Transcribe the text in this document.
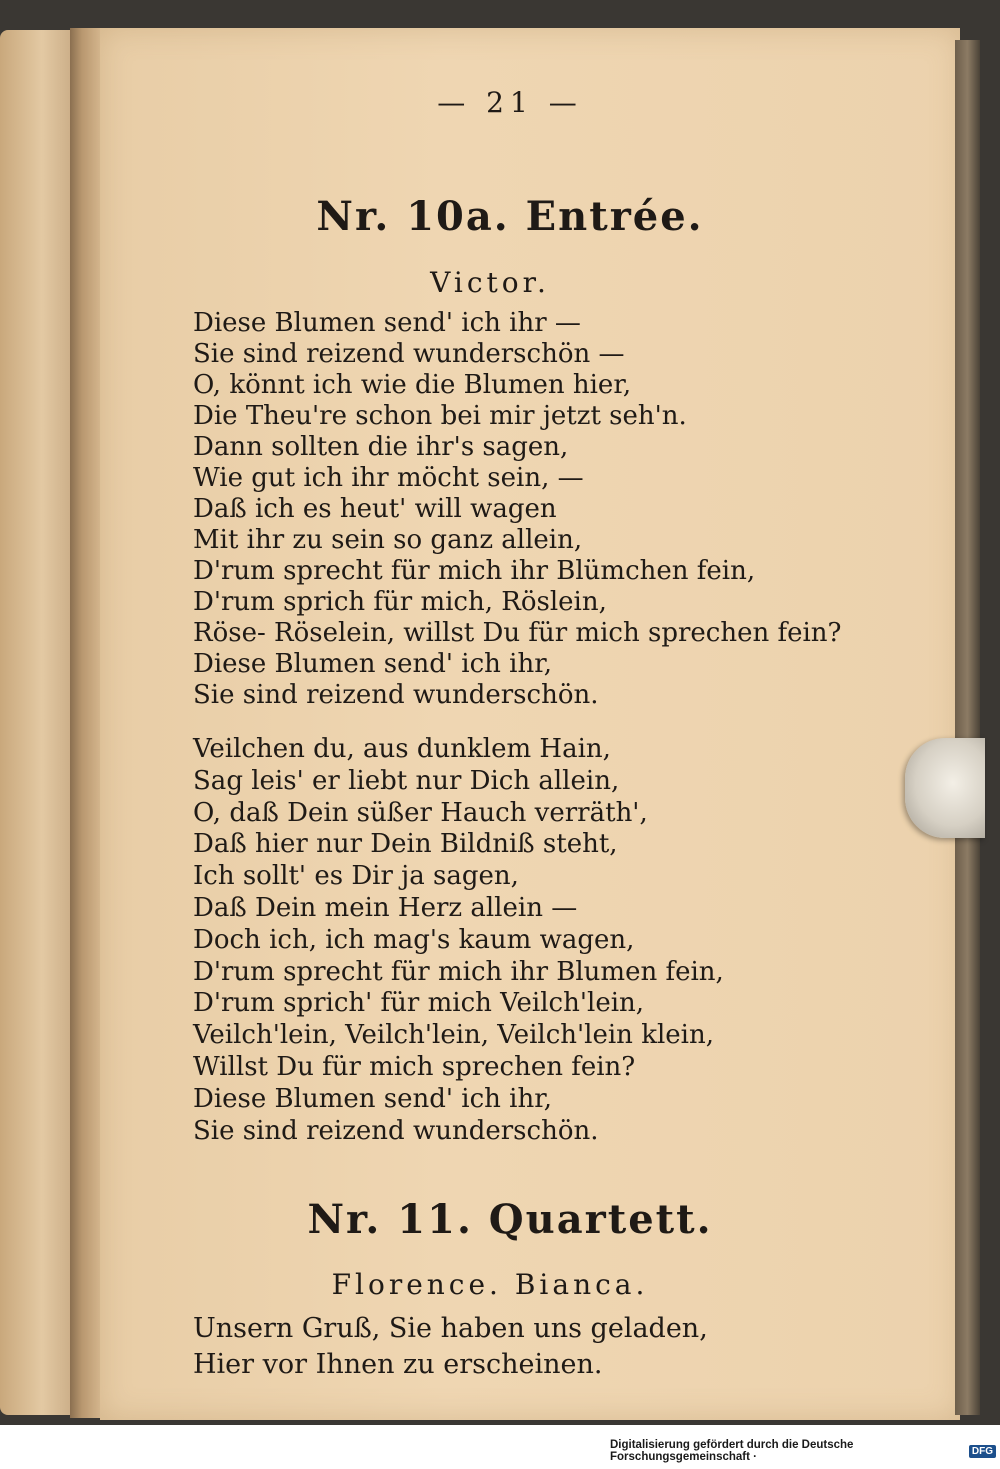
— 21 —
Nr. 10a. Entrée.
Victor.
Diese Blumen send' ich ihr —
Sie sind reizend wunderschön —
O, könnt ich wie die Blumen hier,
Die Theu're schon bei mir jetzt seh'n.
Dann sollten die ihr's sagen,
Wie gut ich ihr möcht sein, —
Daß ich es heut' will wagen
Mit ihr zu sein so ganz allein,
D'rum sprecht für mich ihr Blümchen fein,
D'rum sprich für mich, Röslein,
Röse- Röselein, willst Du für mich sprechen fein?
Diese Blumen send' ich ihr,
Sie sind reizend wunderschön.
Veilchen du, aus dunklem Hain,
Sag leis' er liebt nur Dich allein,
O, daß Dein süßer Hauch verräth',
Daß hier nur Dein Bildniß steht,
Ich sollt' es Dir ja sagen,
Daß Dein mein Herz allein —
Doch ich, ich mag's kaum wagen,
D'rum sprecht für mich ihr Blumen fein,
D'rum sprich' für mich Veilch'lein,
Veilch'lein, Veilch'lein, Veilch'lein klein,
Willst Du für mich sprechen fein?
Diese Blumen send' ich ihr,
Sie sind reizend wunderschön.
Nr. 11. Quartett.
Florence. Bianca.
Unsern Gruß, Sie haben uns geladen,
Hier vor Ihnen zu erscheinen.
Digitalisierung gefördert durch die Deutsche Forschungsgemeinschaft ·	DFG
